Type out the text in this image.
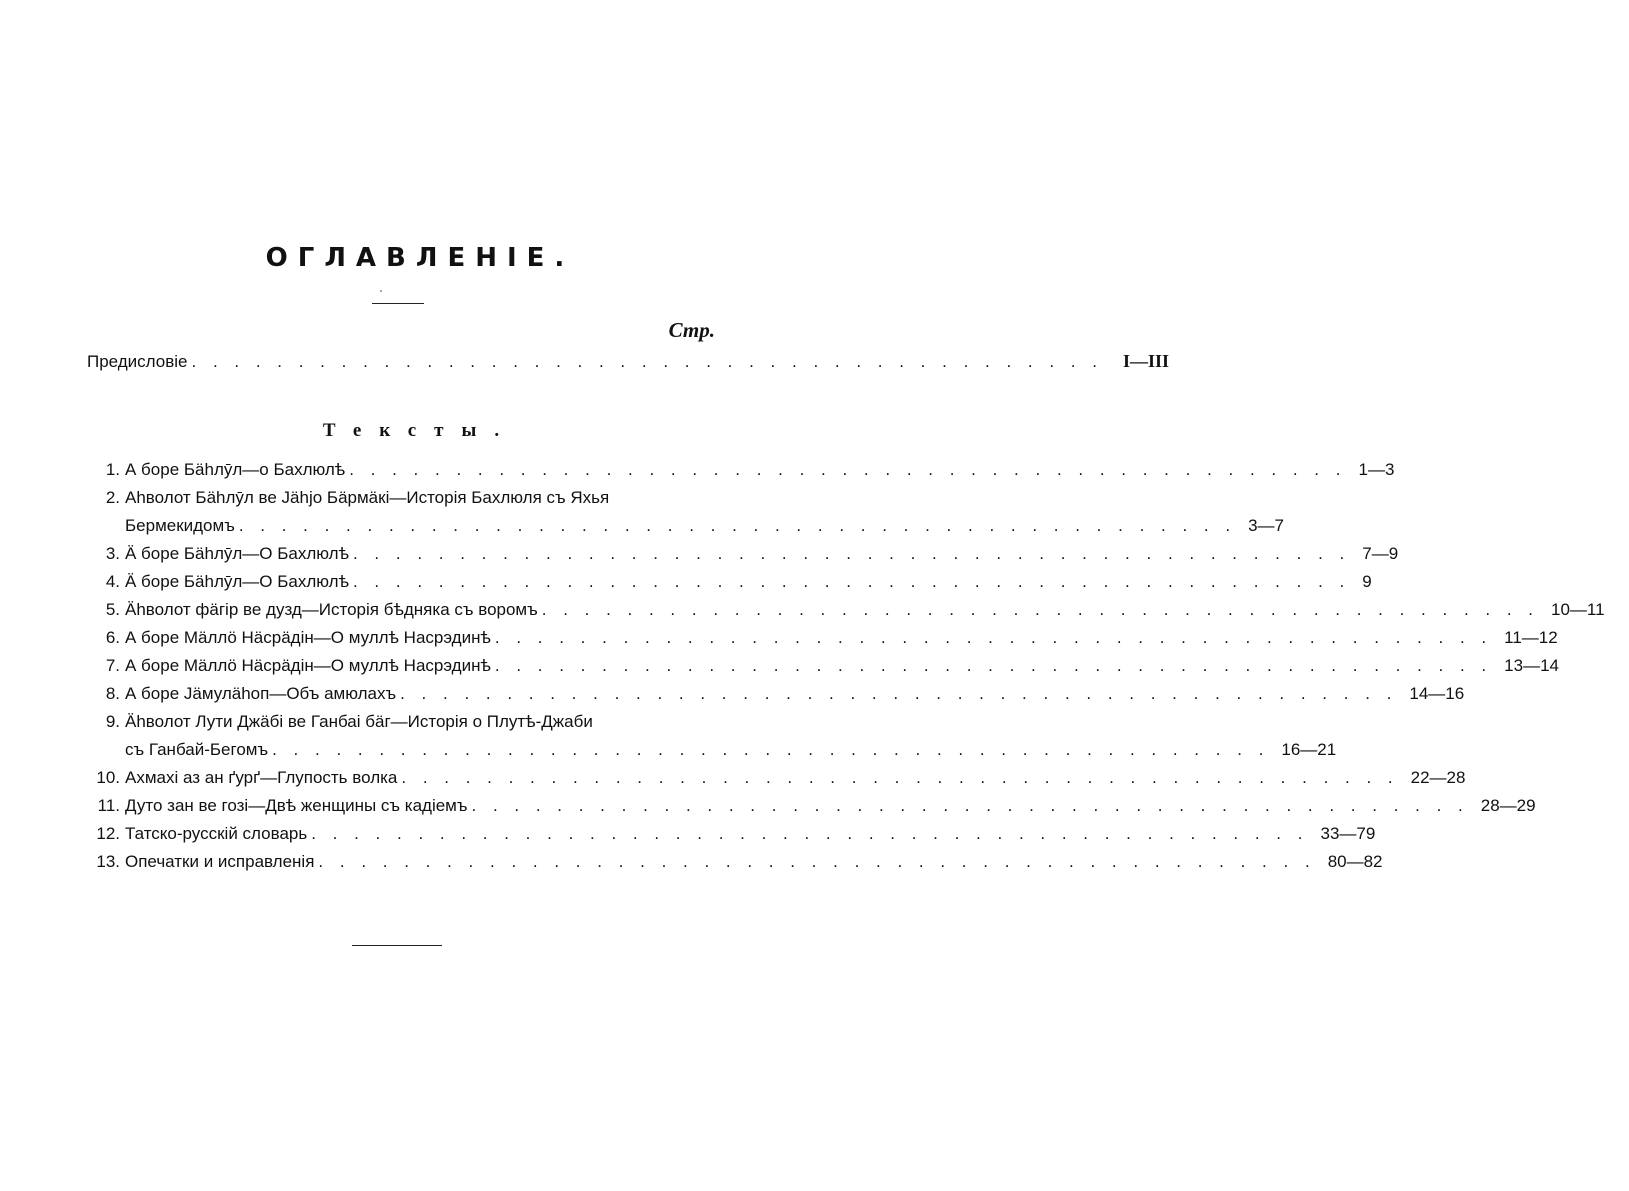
ОГЛАВЛЕНІЕ.
Стр.
Предисловіе . . . . . . . . . . . . . . . . . . . . . . . . . . . . . . . . . . . . . . . . . . .	I—III
Тексты.
1. А боре Бäһлӯл—о Бахлюлѣ . . . . . . . . . . . . . . . . . . . . . . . . . . . . . . . . . . . . . . . . . . . . . . . 1—3
2. Аһволот Бäһлӯл ве Jäһjо Бäрмäкі—Исторія Бахлюля съ Яхья
Бермекидомъ . . . . . . . . . . . . . . . . . . . . . . . . . . . . . . . . . . . . . . . . . . . . . . . 3—7
3. Ä боре Бäһлӯл—О Бахлюлѣ . . . . . . . . . . . . . . . . . . . . . . . . . . . . . . . . . . . . . . . . . . . . . . . 7—9
4. Ä боре Бäһлӯл—О Бахлюлѣ . . . . . . . . . . . . . . . . . . . . . . . . . . . . . . . . . . . . . . . . . . . . . . . 9
5. Äһволот фäгір ве дузд—Исторія бѣдняка съ воромъ . . . . . . . . . . . . . . . . . . . . . . . . . . . . . . . . . . . . . . . . . . . . . . . 10—11
6. А боре Мäллö Нäсрäдін—О муллѣ Насрэдинѣ . . . . . . . . . . . . . . . . . . . . . . . . . . . . . . . . . . . . . . . . . . . . . . . 11—12
7. А боре Мäллö Нäсрäдін—О муллѣ Насрэдинѣ . . . . . . . . . . . . . . . . . . . . . . . . . . . . . . . . . . . . . . . . . . . . . . . 13—14
8. А боре Jäмулäһоп—Объ амюлахъ . . . . . . . . . . . . . . . . . . . . . . . . . . . . . . . . . . . . . . . . . . . . . . . 14—16
9. Äһволот Лути Джäбі ве Ганбаі бäг—Исторія о Плутѣ-Джаби
съ Ганбай-Бегомъ . . . . . . . . . . . . . . . . . . . . . . . . . . . . . . . . . . . . . . . . . . . . . . . 16—21
10. Ахмахі аз ан ґурґ—Глупость волка . . . . . . . . . . . . . . . . . . . . . . . . . . . . . . . . . . . . . . . . . . . . . . . 22—28
11. Дуто зан ве гозі—Двѣ женщины съ кадіемъ . . . . . . . . . . . . . . . . . . . . . . . . . . . . . . . . . . . . . . . . . . . . . . . 28—29
12. Татско-русскій словарь . . . . . . . . . . . . . . . . . . . . . . . . . . . . . . . . . . . . . . . . . . . . . . . 33—79
13. Опечатки и исправленія . . . . . . . . . . . . . . . . . . . . . . . . . . . . . . . . . . . . . . . . . . . . . . . 80—82
